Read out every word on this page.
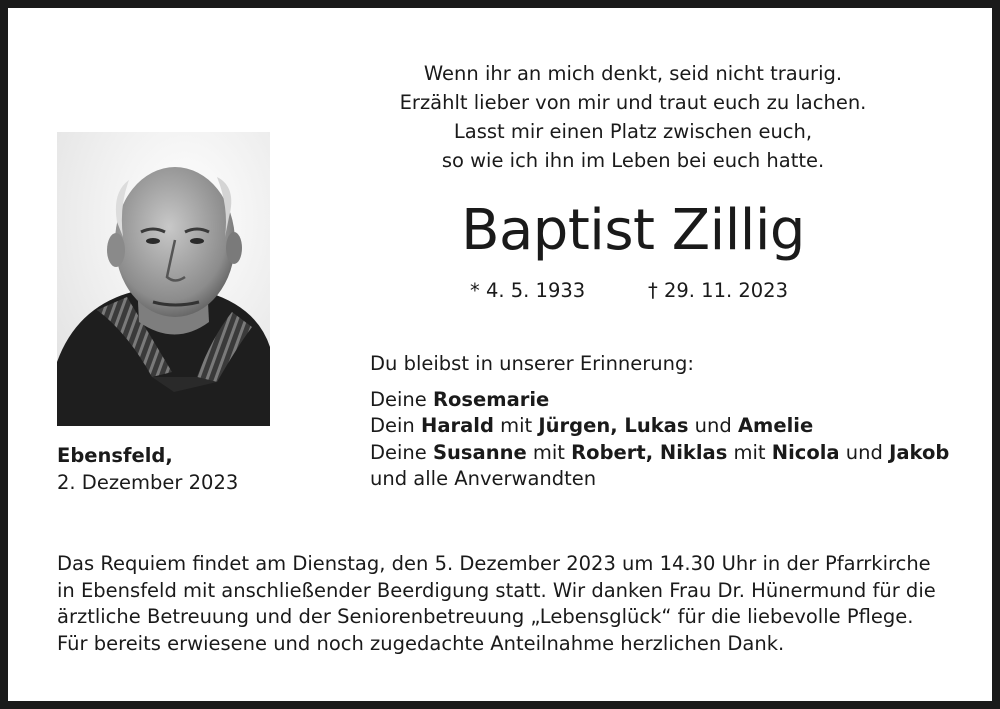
Wenn ihr an mich denkt, seid nicht traurig.
Erzählt lieber von mir und traut euch zu lachen.
Lasst mir einen Platz zwischen euch,
so wie ich ihn im Leben bei euch hatte.
Baptist Zillig
* 4. 5. 1933	† 29. 11. 2023
Ebensfeld,
2. Dezember 2023
Du bleibst in unserer Erinnerung:
Deine Rosemarie
Dein Harald mit Jürgen, Lukas und Amelie
Deine Susanne mit Robert, Niklas mit Nicola und Jakob
und alle Anverwandten
Das Requiem findet am Dienstag, den 5. Dezember 2023 um 14.30 Uhr in der Pfarrkirche
in Ebensfeld mit anschließender Beerdigung statt. Wir danken Frau Dr. Hünermund für die
ärztliche Betreuung und der Seniorenbetreuung „Lebensglück“ für die liebevolle Pflege.
Für bereits erwiesene und noch zugedachte Anteilnahme herzlichen Dank.
